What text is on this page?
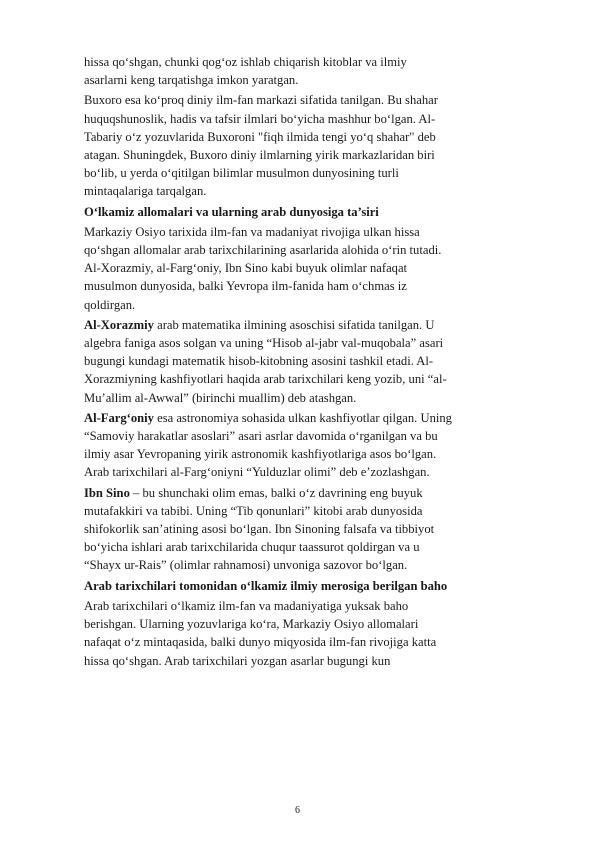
hissa qo‘shgan, chunki qog‘oz ishlab chiqarish kitoblar va ilmiy
asarlarni keng tarqatishga imkon yaratgan.

Buxoro esa ko‘proq diniy ilm-fan markazi sifatida tanilgan. Bu shahar
huquqshunoslik, hadis va tafsir ilmlari bo‘yicha mashhur bo‘lgan. Al-
Tabariy o‘z yozuvlarida Buxoroni "fiqh ilmida tengi yo‘q shahar" deb
atagan. Shuningdek, Buxoro diniy ilmlarning yirik markazlaridan biri
bo‘lib, u yerda o‘qitilgan bilimlar musulmon dunyosining turli
mintaqalariga tarqalgan.

O‘lkamiz allomalari va ularning arab dunyosiga ta’siri

Markaziy Osiyo tarixida ilm-fan va madaniyat rivojiga ulkan hissa
qo‘shgan allomalar arab tarixchilarining asarlarida alohida o‘rin tutadi.
Al-Xorazmiy, al-Farg‘oniy, Ibn Sino kabi buyuk olimlar nafaqat
musulmon dunyosida, balki Yevropa ilm-fanida ham o‘chmas iz
qoldirgan.

Al-Xorazmiy arab matematika ilmining asoschisi sifatida tanilgan. U
algebra faniga asos solgan va uning “Hisob al-jabr val-muqobala” asari
bugungi kundagi matematik hisob-kitobning asosini tashkil etadi. Al-
Xorazmiyning kashfiyotlari haqida arab tarixchilari keng yozib, uni “al-
Mu’allim al-Awwal” (birinchi muallim) deb atashgan.

Al-Farg‘oniy esa astronomiya sohasida ulkan kashfiyotlar qilgan. Uning
“Samoviy harakatlar asoslari” asari asrlar davomida o‘rganilgan va bu
ilmiy asar Yevropaning yirik astronomik kashfiyotlariga asos bo‘lgan.
Arab tarixchilari al-Farg‘oniyni “Yulduzlar olimi” deb e’zozlashgan.

Ibn Sino – bu shunchaki olim emas, balki o‘z davrining eng buyuk
mutafakkiri va tabibi. Uning “Tib qonunlari” kitobi arab dunyosida
shifokorlik san’atining asosi bo‘lgan. Ibn Sinoning falsafa va tibbiyot
bo‘yicha ishlari arab tarixchilarida chuqur taassurot qoldirgan va u
“Shayx ur-Rais” (olimlar rahnamosi) unvoniga sazovor bo‘lgan.

Arab tarixchilari tomonidan o‘lkamiz ilmiy merosiga berilgan baho

Arab tarixchilari o‘lkamiz ilm-fan va madaniyatiga yuksak baho
berishgan. Ularning yozuvlariga ko‘ra, Markaziy Osiyo allomalari
nafaqat o‘z mintaqasida, balki dunyo miqyosida ilm-fan rivojiga katta
hissa qo‘shgan. Arab tarixchilari yozgan asarlar bugungi kun

6
